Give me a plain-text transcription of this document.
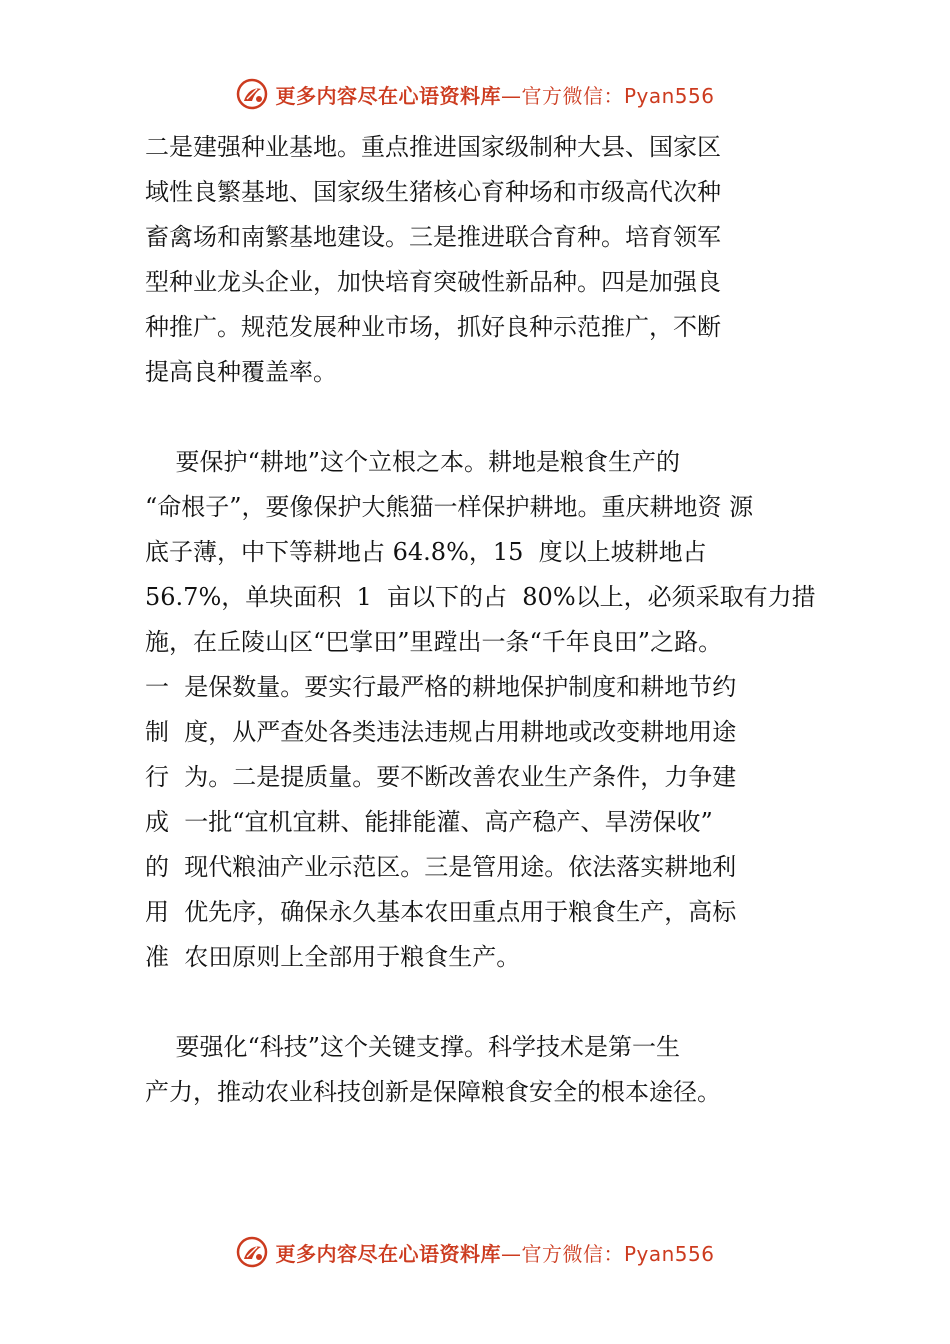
更多内容尽在心语资料库—官方微信：Pyan556
二是建强种业基地。重点推进国家级制种大县、国家区
域性良繁基地、国家级生猪核心育种场和市级高代次种
畜禽场和南繁基地建设。三是推进联合育种。培育领军
型种业龙头企业，加快培育突破性新品种。四是加强良
种推广。规范发展种业市场，抓好良种示范推广，不断
提高良种覆盖率。
要保护“耕地”这个立根之本。耕地是粮食生产的
“命根子”，要像保护大熊猫一样保护耕地。重庆耕地资 源
底子薄，中下等耕地占 64.8%，15  度以上坡耕地占
56.7%，单块面积  1  亩以下的占  80%以上，必须采取有力措
施，在丘陵山区“巴掌田”里蹚出一条“千年良田”之路。
一  是保数量。要实行最严格的耕地保护制度和耕地节约
制  度，从严查处各类违法违规占用耕地或改变耕地用途
行  为。二是提质量。要不断改善农业生产条件，力争建
成  一批“宜机宜耕、能排能灌、高产稳产、旱涝保收”
的  现代粮油产业示范区。三是管用途。依法落实耕地利
用  优先序，确保永久基本农田重点用于粮食生产，高标
准  农田原则上全部用于粮食生产。
要强化“科技”这个关键支撑。科学技术是第一生
产力，推动农业科技创新是保障粮食安全的根本途径。
更多内容尽在心语资料库—官方微信：Pyan556
